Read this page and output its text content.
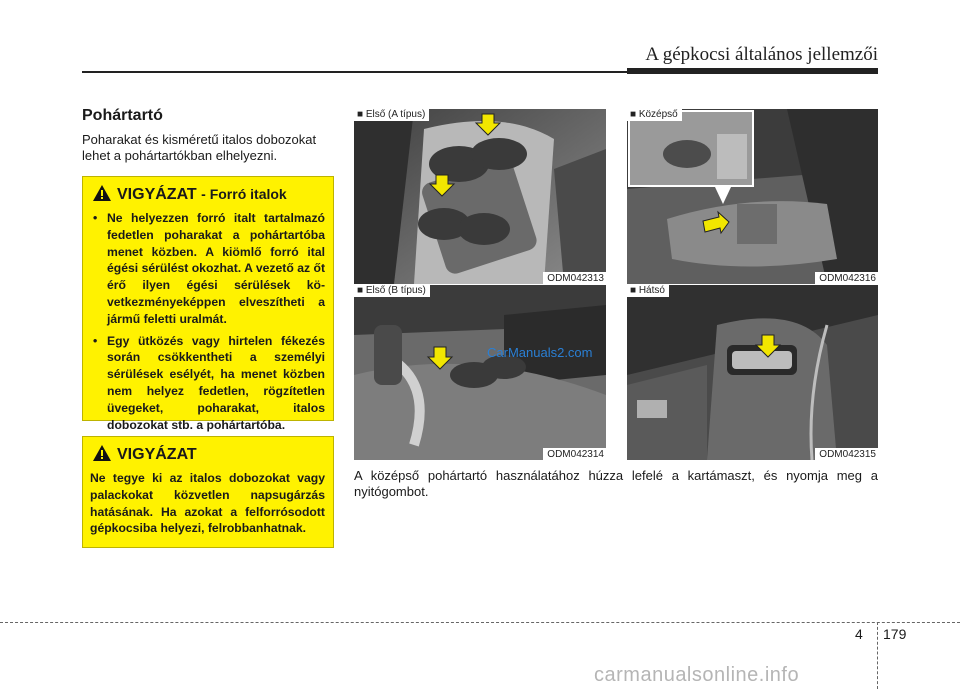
A gépkocsi általános jellemzői
Pohártartó
Poharakat és kisméretű italos dobozokat lehet a pohártartókban elhelyezni.
VIGYÁZAT - Forró italok
• Ne helyezzen forró italt tartalmazó fedetlen poharakat a pohártartóba menet közben. A kiömlő forró ital égési sérülést okozhat. A vezető az őt érő ilyen égési sérülések következményeképpen elveszítheti a jármű feletti uralmát.
• Egy ütközés vagy hirtelen fékezés során csökkentheti a személyi sérülések esélyét, ha menet közben nem helyez fedetlen, rögzítetlen üvegeket, poharakat, italos dobozokat stb. a pohártartóba.
VIGYÁZAT
Ne tegye ki az italos dobozokat vagy palackokat közvetlen napsugárzás hatásának. Ha azokat a felforrósodott gépkocsiba helyezi, felrobbanhatnak.
■ Első (A típus)
ODM042313
■ Középső
ODM042316
■ Első (B típus)
ODM042314
■ Hátsó
ODM042315
CarManuals2.com
A középső pohártartó használatához húzza lefelé a kartámaszt, és nyomja meg a nyitógombot.
4 179
carmanualsonline.info
